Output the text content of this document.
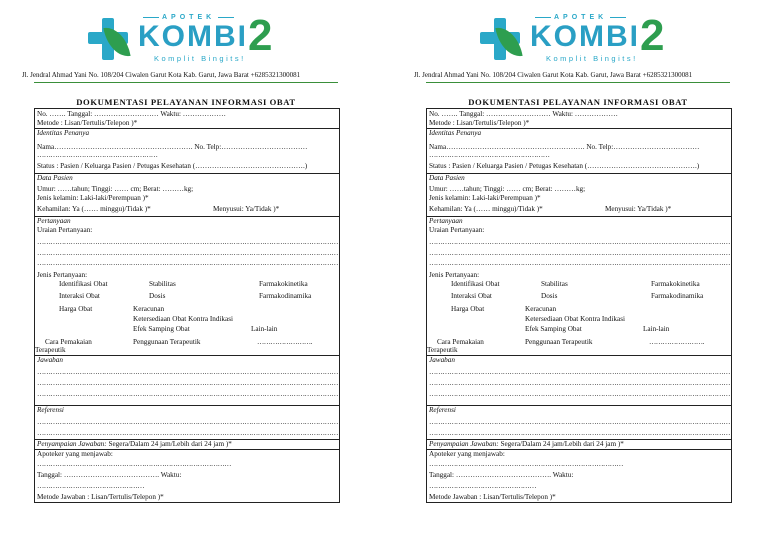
APOTEK
KOMBI 2
Komplit Bingits!
Jl. Jendral Ahmad Yani No. 108/204 Ciwalen Garut Kota Kab. Garut, Jawa Barat +6285321300081
DOKUMENTASI PELAYANAN INFORMASI OBAT
No. ……. Tanggal: ……………………… Waktu: ………………
Metode : Lisan/Tertulis/Telepon )*
Identitas Penanya
Nama…………………………………………………. No. Telp:………………………………
………………………………………………
Status : Pasien / Keluarga Pasien / Petugas Kesehatan (……………………………………….)
Data Pasien
Umur: ……tahun; Tinggi: …… cm; Berat: ………kg;
Jenis kelamin: Laki-laki/Perempuan )*
Kehamilan: Ya (…… minggu)/Tidak )*	Menyusui: Ya/Tidak )*
Pertanyaan
Uraian Pertanyaan:
………………………………………………………………………………………………………………………
………………………………………………………………………………………………………………………
………………………………………………………………………………………………………………………
Jenis Pertanyaan:
Identifikasi Obat	Stabilitas	Farmakokinetika
Interaksi Obat	Dosis	Farmakodinamika
Harga Obat	Keracunan
Ketersediaan Obat Kontra Indikasi
Efek Samping Obat	Lain-lain
Cara Pemakaian	Penggunaan Terapeutik	…………………….
Terapeutik
Jawaban
………………………………………………………………………………………………………………………
………………………………………………………………………………………………………………………
………………………………………………………………………………………………………………………
Referensi
………………………………………………………………………………………………………………………
………………………………………………………………………………………………………………………
Penyampaian Jawaban: Segera/Dalam 24 jam/Lebih dari 24 jam )*
Apoteker yang menjawab:
……………………………………………………………………………
Tanggal: …………………………………. Waktu:
…………………………………………
Metode Jawaban : Lisan/Tertulis/Telepon )*
APOTEK
KOMBI 2
Komplit Bingits!
Jl. Jendral Ahmad Yani No. 108/204 Ciwalen Garut Kota Kab. Garut, Jawa Barat +6285321300081
DOKUMENTASI PELAYANAN INFORMASI OBAT
No. ……. Tanggal: ……………………… Waktu: ………………
Metode : Lisan/Tertulis/Telepon )*
Identitas Penanya
Nama…………………………………………………. No. Telp:………………………………
………………………………………………
Status : Pasien / Keluarga Pasien / Petugas Kesehatan (……………………………………….)
Data Pasien
Umur: ……tahun; Tinggi: …… cm; Berat: ………kg;
Jenis kelamin: Laki-laki/Perempuan )*
Kehamilan: Ya (…… minggu)/Tidak )*	Menyusui: Ya/Tidak )*
Pertanyaan
Uraian Pertanyaan:
………………………………………………………………………………………………………………………
………………………………………………………………………………………………………………………
………………………………………………………………………………………………………………………
Jenis Pertanyaan:
Identifikasi Obat	Stabilitas	Farmakokinetika
Interaksi Obat	Dosis	Farmakodinamika
Harga Obat	Keracunan
Ketersediaan Obat Kontra Indikasi
Efek Samping Obat	Lain-lain
Cara Pemakaian	Penggunaan Terapeutik	…………………….
Terapeutik
Jawaban
………………………………………………………………………………………………………………………
………………………………………………………………………………………………………………………
………………………………………………………………………………………………………………………
Referensi
………………………………………………………………………………………………………………………
………………………………………………………………………………………………………………………
Penyampaian Jawaban: Segera/Dalam 24 jam/Lebih dari 24 jam )*
Apoteker yang menjawab:
……………………………………………………………………………
Tanggal: …………………………………. Waktu:
…………………………………………
Metode Jawaban : Lisan/Tertulis/Telepon )*
